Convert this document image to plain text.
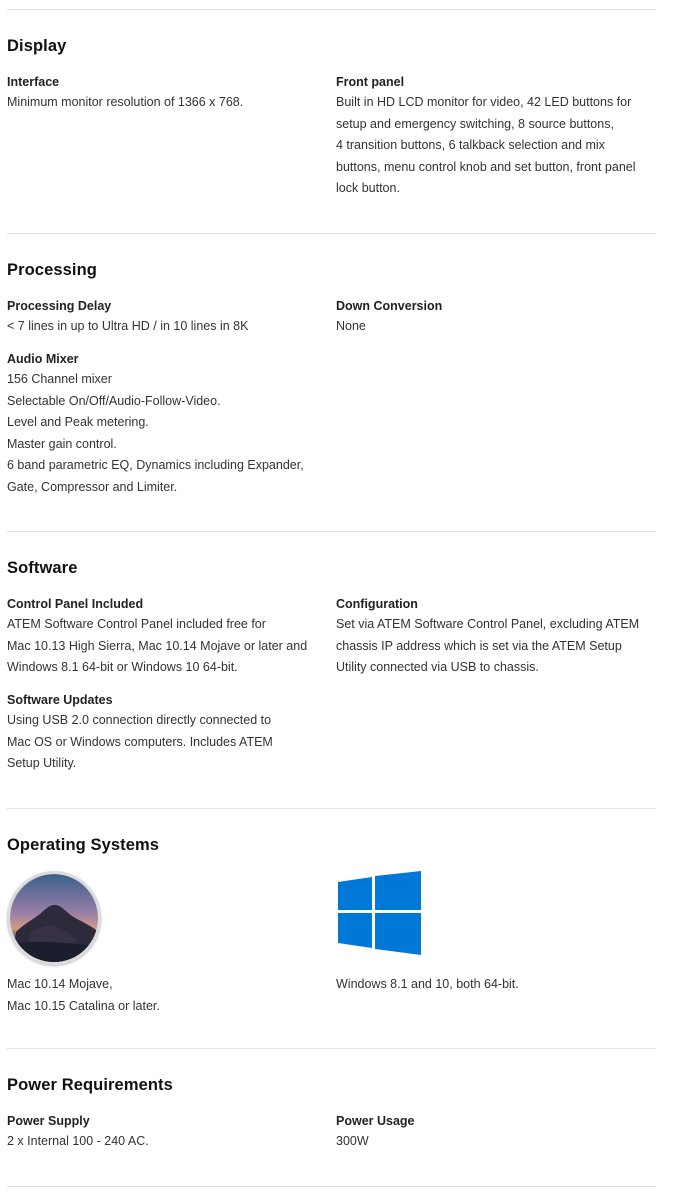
Display
Interface
Minimum monitor resolution of 1366 x 768.
Front panel
Built in HD LCD monitor for video, 42 LED buttons for
setup and emergency switching, 8 source buttons,
4 transition buttons, 6 talkback selection and mix
buttons, menu control knob and set button, front panel
lock button.
Processing
Processing Delay
< 7 lines in up to Ultra HD / in 10 lines in 8K
Audio Mixer
156 Channel mixer
Selectable On/Off/Audio-Follow-Video.
Level and Peak metering.
Master gain control.
6 band parametric EQ, Dynamics including Expander,
Gate, Compressor and Limiter.
Down Conversion
None
Software
Control Panel Included
ATEM Software Control Panel included free for
Mac 10.13 High Sierra, Mac 10.14 Mojave or later and
Windows 8.1 64-bit or Windows 10 64-bit.
Software Updates
Using USB 2.0 connection directly connected to
Mac OS or Windows computers. Includes ATEM
Setup Utility.
Configuration
Set via ATEM Software Control Panel, excluding ATEM
chassis IP address which is set via the ATEM Setup
Utility connected via USB to chassis.
Operating Systems
Mac 10.14 Mojave,
Mac 10.15 Catalina or later.
Windows 8.1 and 10, both 64-bit.
Power Requirements
Power Supply
2 x Internal 100 - 240 AC.
Power Usage
300W
